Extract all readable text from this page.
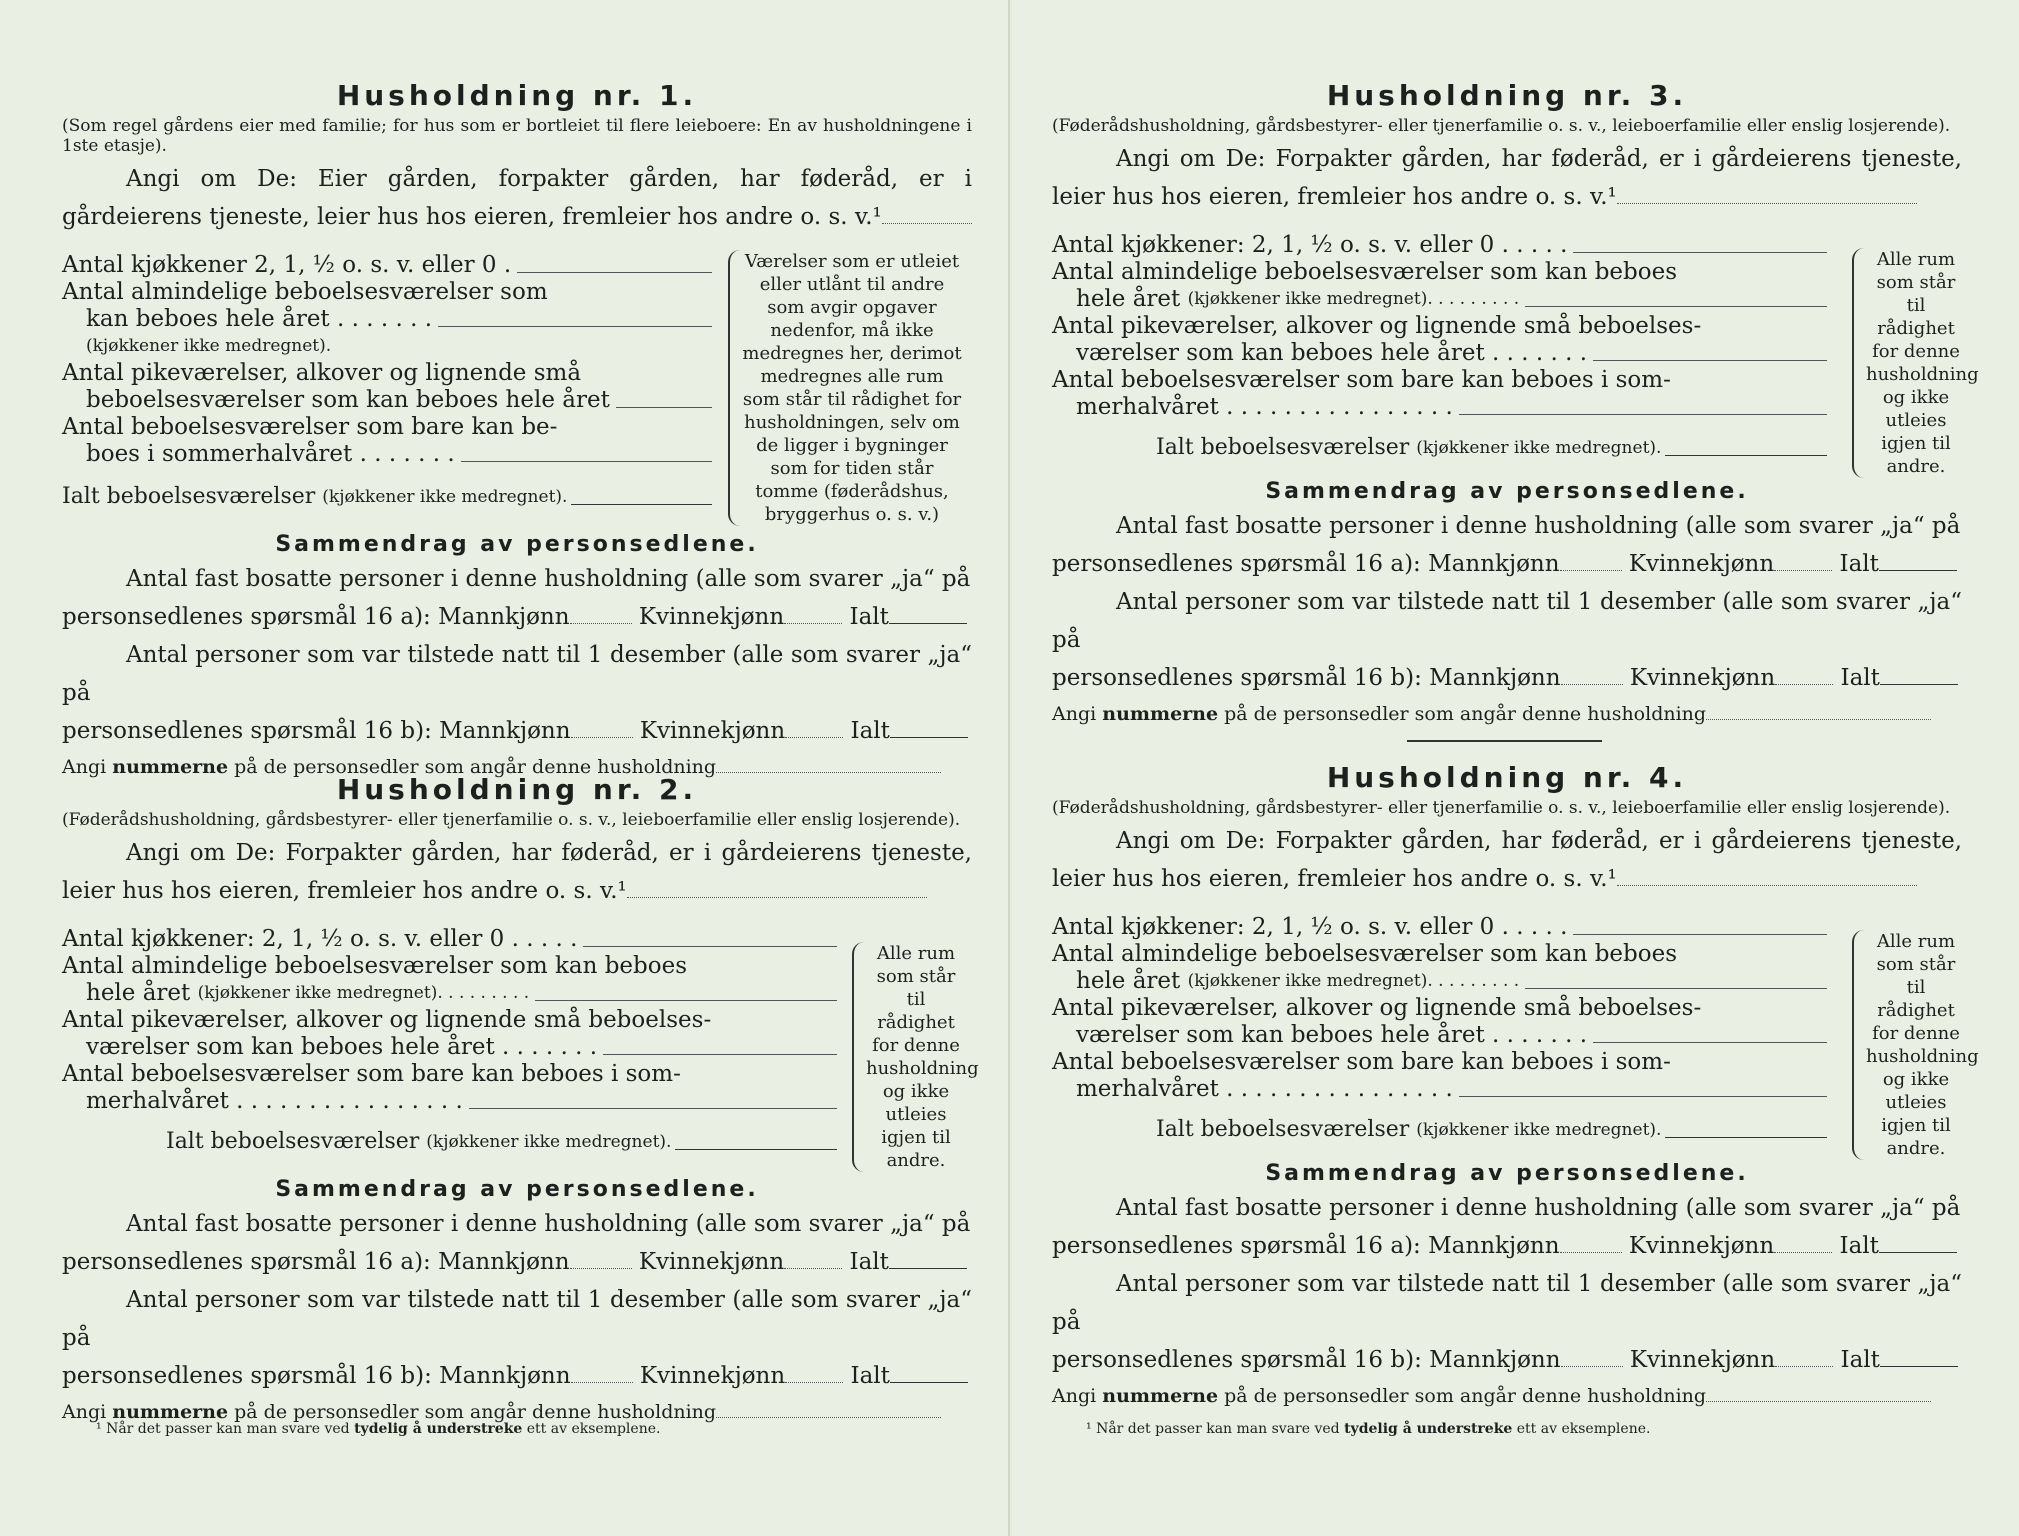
Husholdning nr. 1.

(Som regel gårdens eier med familie; for hus som er bortleiet til flere leieboere: En av husholdningene i 1ste etasje).

Angi om De: Eier gården, forpakter gården, har føderåd, er i gårdeierens tjeneste, leier hus hos eieren, fremleier hos andre o. s. v.¹

Antal kjøkkener 2, 1, ½ o. s. v. eller 0 .
Antal almindelige beboelsesværelser som
kan beboes hele året . . . . . . .
(kjøkkener ikke medregnet).
Antal pikeværelser, alkover og lignende små
beboelsesværelser som kan beboes hele året
Antal beboelsesværelser som bare kan be-
boes i sommerhalvåret . . . . . . .
Ialt beboelsesværelser
(kjøkkener ikke medregnet).
Værelser som er utleiet eller utlånt til andre som avgir opgaver nedenfor, må ikke medregnes her, derimot medregnes alle rum som står til rådighet for husholdningen, selv om de ligger i bygninger som for tiden står tomme (føderådshus, bryggerhus o. s. v.)
Sammendrag av personsedlene.

Antal fast bosatte personer i denne husholdning (alle som svarer „ja“ på

personsedlenes spørsmål 16 a): Mannkjønn	Kvinnekjønn	Ialt

Antal personer som var tilstede natt til 1 desember (alle som svarer „ja“ på

personsedlenes spørsmål 16 b): Mannkjønn	Kvinnekjønn	Ialt

Angi nummerne på de personsedler som angår denne husholdning

Husholdning nr. 2.

(Føderådshusholdning, gårdsbestyrer- eller tjenerfamilie o. s. v., leieboerfamilie eller enslig losjerende).

Angi om De: Forpakter gården, har føderåd, er i gårdeierens tjeneste, leier hus hos eieren, fremleier hos andre o. s. v.¹

Antal kjøkkener: 2, 1, ½ o. s. v. eller 0 . . . . .
Antal almindelige beboelsesværelser som kan beboes
hele året
(kjøkkener ikke medregnet). . . . . . . . .
Antal pikeværelser, alkover og lignende små beboelses-
værelser som kan beboes hele året . . . . . . .
Antal beboelsesværelser som bare kan beboes i som-
merhalvåret . . . . . . . . . . . . . . . .
Ialt beboelsesværelser
(kjøkkener ikke medregnet).
Alle rum som står til rådighet for denne husholdning og ikke utleies igjen til andre.
Sammendrag av personsedlene.

Antal fast bosatte personer i denne husholdning (alle som svarer „ja“ på

personsedlenes spørsmål 16 a): Mannkjønn	Kvinnekjønn	Ialt

Antal personer som var tilstede natt til 1 desember (alle som svarer „ja“ på

personsedlenes spørsmål 16 b): Mannkjønn	Kvinnekjønn	Ialt

Angi nummerne på de personsedler som angår denne husholdning

¹ Når det passer kan man svare ved tydelig å understreke ett av eksemplene.
Husholdning nr. 3.

(Føderådshusholdning, gårdsbestyrer- eller tjenerfamilie o. s. v., leieboerfamilie eller enslig losjerende).

Angi om De: Forpakter gården, har føderåd, er i gårdeierens tjeneste, leier hus hos eieren, fremleier hos andre o. s. v.¹

Antal kjøkkener: 2, 1, ½ o. s. v. eller 0 . . . . .
Antal almindelige beboelsesværelser som kan beboes
hele året
(kjøkkener ikke medregnet). . . . . . . . .
Antal pikeværelser, alkover og lignende små beboelses-
værelser som kan beboes hele året . . . . . . .
Antal beboelsesværelser som bare kan beboes i som-
merhalvåret . . . . . . . . . . . . . . . .
Ialt beboelsesværelser
(kjøkkener ikke medregnet).
Alle rum som står til rådighet for denne husholdning og ikke utleies igjen til andre.
Sammendrag av personsedlene.

Antal fast bosatte personer i denne husholdning (alle som svarer „ja“ på

personsedlenes spørsmål 16 a): Mannkjønn	Kvinnekjønn	Ialt

Antal personer som var tilstede natt til 1 desember (alle som svarer „ja“ på

personsedlenes spørsmål 16 b): Mannkjønn	Kvinnekjønn	Ialt

Angi nummerne på de personsedler som angår denne husholdning

Husholdning nr. 4.

(Føderådshusholdning, gårdsbestyrer- eller tjenerfamilie o. s. v., leieboerfamilie eller enslig losjerende).

Angi om De: Forpakter gården, har føderåd, er i gårdeierens tjeneste, leier hus hos eieren, fremleier hos andre o. s. v.¹

Antal kjøkkener: 2, 1, ½ o. s. v. eller 0 . . . . .
Antal almindelige beboelsesværelser som kan beboes
hele året
(kjøkkener ikke medregnet). . . . . . . . .
Antal pikeværelser, alkover og lignende små beboelses-
værelser som kan beboes hele året . . . . . . .
Antal beboelsesværelser som bare kan beboes i som-
merhalvåret . . . . . . . . . . . . . . . .
Ialt beboelsesværelser
(kjøkkener ikke medregnet).
Alle rum som står til rådighet for denne husholdning og ikke utleies igjen til andre.
Sammendrag av personsedlene.

Antal fast bosatte personer i denne husholdning (alle som svarer „ja“ på

personsedlenes spørsmål 16 a): Mannkjønn	Kvinnekjønn	Ialt

Antal personer som var tilstede natt til 1 desember (alle som svarer „ja“ på

personsedlenes spørsmål 16 b): Mannkjønn	Kvinnekjønn	Ialt

Angi nummerne på de personsedler som angår denne husholdning

¹ Når det passer kan man svare ved tydelig å understreke ett av eksemplene.
